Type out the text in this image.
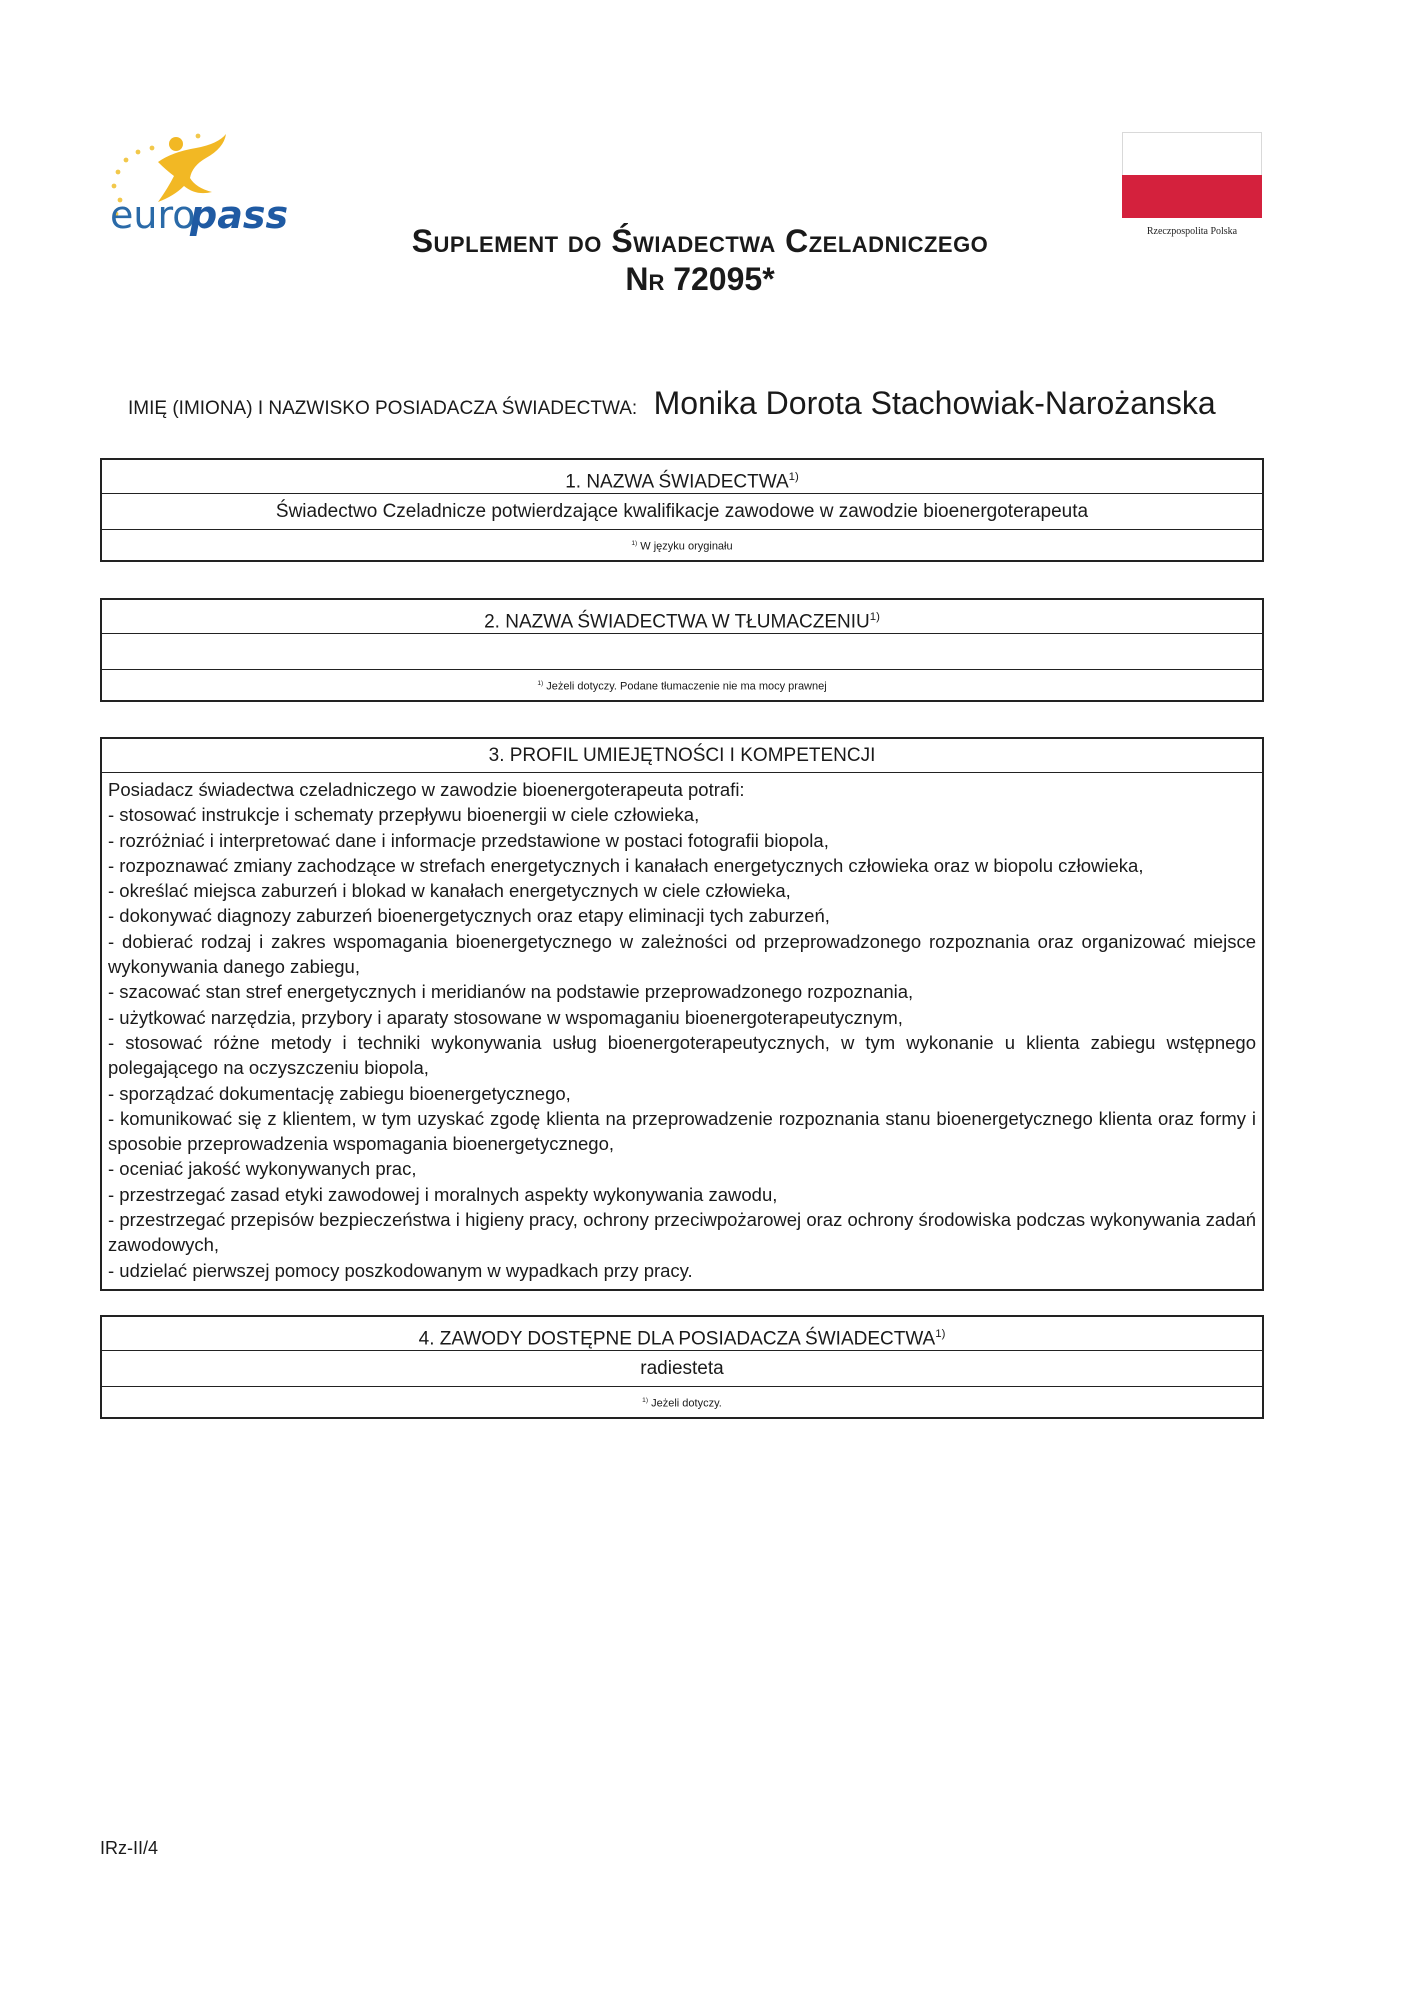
euro
pass	Rzeczpospolita Polska
Suplement do Świadectwa Czeladniczego
Nr 72095*
IMIĘ (IMIONA) I NAZWISKO POSIADACZA ŚWIADECTWA: Monika Dorota Stachowiak-Narożanska
1. NAZWA ŚWIADECTWA$^{1)}$
Świadectwo Czeladnicze potwierdzające kwalifikacje zawodowe w zawodzie bioenergoterapeuta
$^{1)}$ W języku oryginału
2. NAZWA ŚWIADECTWA W TŁUMACZENIU$^{1)}$
$^{1)}$ Jeżeli dotyczy. Podane tłumaczenie nie ma mocy prawnej
3. PROFIL UMIEJĘTNOŚCI I KOMPETENCJI
Posiadacz świadectwa czeladniczego w zawodzie bioenergoterapeuta potrafi:
- stosować instrukcje i schematy przepływu bioenergii w ciele człowieka,
- rozróżniać i interpretować dane i informacje przedstawione w postaci fotografii biopola,
- rozpoznawać zmiany zachodzące w strefach energetycznych i kanałach energetycznych człowieka oraz w biopolu człowieka,
- określać miejsca zaburzeń i blokad w kanałach energetycznych w ciele człowieka,
- dokonywać diagnozy zaburzeń bioenergetycznych oraz etapy eliminacji tych zaburzeń,
- dobierać rodzaj i zakres wspomagania bioenergetycznego w zależności od przeprowadzonego rozpoznania oraz organizować miejsce wykonywania danego zabiegu,
- szacować stan stref energetycznych i meridianów na podstawie przeprowadzonego rozpoznania,
- użytkować narzędzia, przybory i aparaty stosowane w wspomaganiu bioenergoterapeutycznym,
- stosować różne metody i techniki wykonywania usług bioenergoterapeutycznych, w tym wykonanie u klienta zabiegu wstępnego polegającego na oczyszczeniu biopola,
- sporządzać dokumentację zabiegu bioenergetycznego,
- komunikować się z klientem, w tym uzyskać zgodę klienta na przeprowadzenie rozpoznania stanu bioenergetycznego klienta oraz formy i sposobie przeprowadzenia wspomagania bioenergetycznego,
- oceniać jakość wykonywanych prac,
- przestrzegać zasad etyki zawodowej i moralnych aspekty wykonywania zawodu,
- przestrzegać przepisów bezpieczeństwa i higieny pracy, ochrony przeciwpożarowej oraz ochrony środowiska podczas wykonywania zadań zawodowych,
- udzielać pierwszej pomocy poszkodowanym w wypadkach przy pracy.
4. ZAWODY DOSTĘPNE DLA POSIADACZA ŚWIADECTWA$^{1)}$
radiesteta
$^{1)}$ Jeżeli dotyczy.
IRz-II/4
